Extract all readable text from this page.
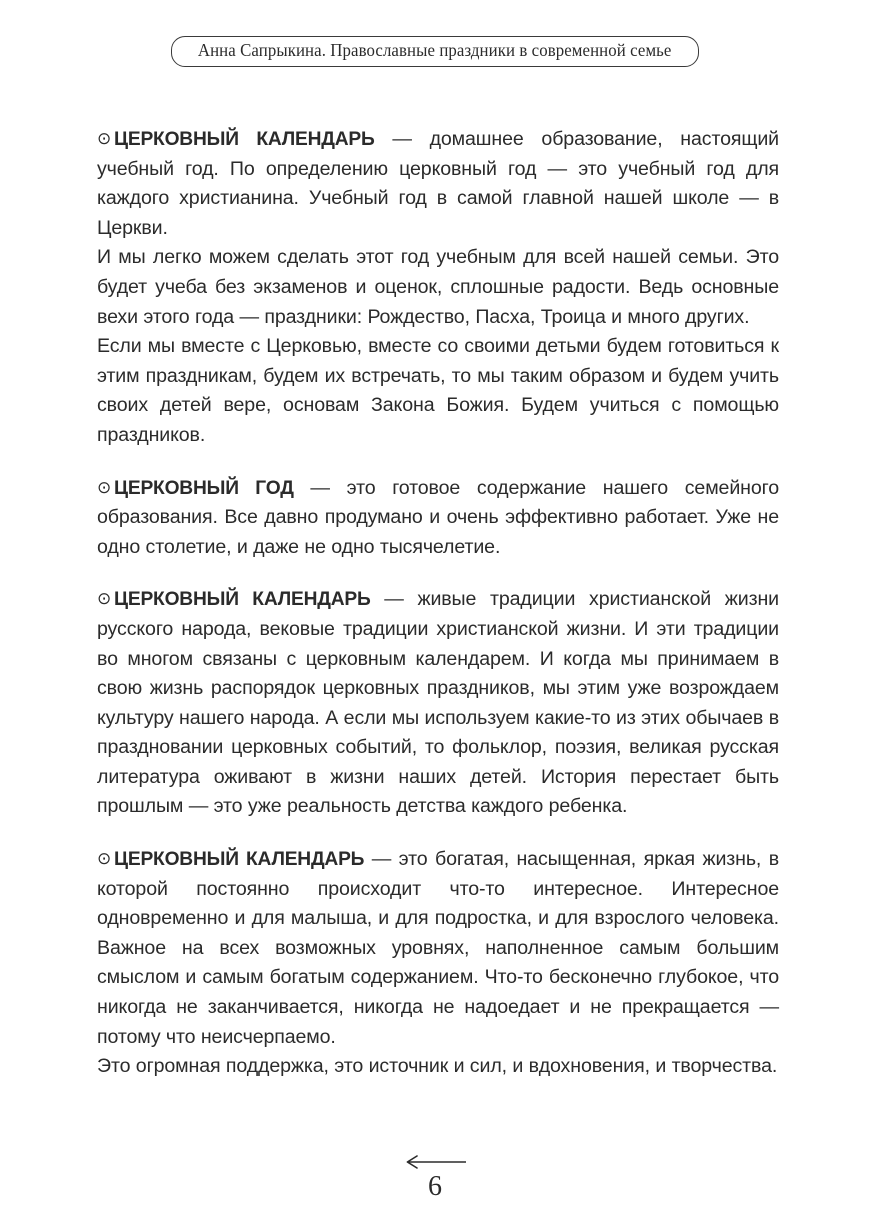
Анна Сапрыкина. Православные праздники в современной семье

⊙ ЦЕРКОВНЫЙ КАЛЕНДАРЬ — домашнее образование, настоящий учебный год. По определению церковный год — это учебный год для каждого христианина. Учебный год в самой главной нашей школе — в Церкви.

И мы легко можем сделать этот год учебным для всей нашей семьи. Это будет учеба без экзаменов и оценок, сплошные радости. Ведь основные вехи этого года — праздники: Рождество, Пасха, Троица и много других.

Если мы вместе с Церковью, вместе со своими детьми будем готовиться к этим праздникам, будем их встречать, то мы таким образом и будем учить своих детей вере, основам Закона Божия. Будем учиться с помощью праздников.

⊙ ЦЕРКОВНЫЙ ГОД — это готовое содержание нашего семейного образования. Все давно продумано и очень эффективно работает. Уже не одно столетие, и даже не одно тысячелетие.

⊙ ЦЕРКОВНЫЙ КАЛЕНДАРЬ — живые традиции христианской жизни русского народа, вековые традиции христианской жизни. И эти традиции во многом связаны с церковным календарем. И когда мы принимаем в свою жизнь распорядок церковных праздников, мы этим уже возрождаем культуру нашего народа. А если мы используем какие-то из этих обычаев в праздновании церковных событий, то фольклор, поэзия, великая русская литература оживают в жизни наших детей. История перестает быть прошлым — это уже реальность детства каждого ребенка.

⊙ ЦЕРКОВНЫЙ КАЛЕНДАРЬ — это богатая, насыщенная, яркая жизнь, в которой постоянно происходит что-то интересное. Интересное одновременно и для малыша, и для подростка, и для взрослого человека. Важное на всех возможных уровнях, наполненное самым большим смыслом и самым богатым содержанием. Что-то бесконечно глубокое, что никогда не заканчивается, никогда не надоедает и не прекращается — потому что неисчерпаемо.

Это огромная поддержка, это источник и сил, и вдохновения, и творчества.

6
